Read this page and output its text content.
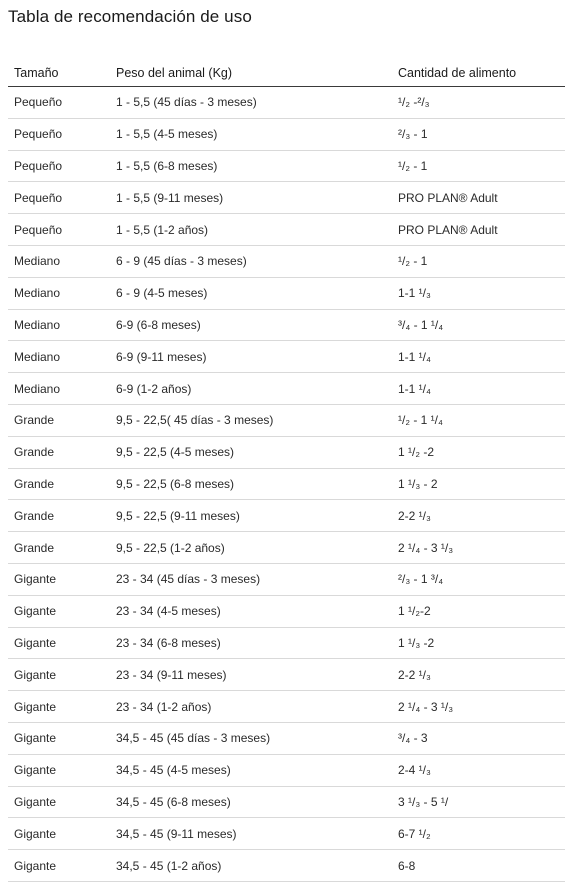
Tabla de recomendación de uso
Tamaño	Peso del animal (Kg)	Cantidad de alimento
Pequeño	1 - 5,5 (45 días - 3 meses)	¹/₂ -²/₃
Pequeño	1 - 5,5 (4-5 meses)	²/₃ - 1
Pequeño	1 - 5,5 (6-8 meses)	¹/₂ - 1
Pequeño	1 - 5,5 (9-11 meses)	PRO PLAN® Adult
Pequeño	1 - 5,5 (1-2 años)	PRO PLAN® Adult
Mediano	6 - 9 (45 días - 3 meses)	¹/₂ - 1
Mediano	6 - 9 (4-5 meses)	1-1 ¹/₃
Mediano	6-9 (6-8 meses)	³/₄ - 1 ¹/₄
Mediano	6-9 (9-11 meses)	1-1 ¹/₄
Mediano	6-9 (1-2 años)	1-1 ¹/₄
Grande	9,5 - 22,5( 45 días - 3 meses)	¹/₂ - 1 ¹/₄
Grande	9,5 - 22,5 (4-5 meses)	1 ¹/₂ -2
Grande	9,5 - 22,5 (6-8 meses)	1 ¹/₃ - 2
Grande	9,5 - 22,5 (9-11 meses)	2-2 ¹/₃
Grande	9,5 - 22,5 (1-2 años)	2 ¹/₄ - 3 ¹/₃
Gigante	23 - 34 (45 días - 3 meses)	²/₃ - 1 ³/₄
Gigante	23 - 34 (4-5 meses)	1 ¹/₂-2
Gigante	23 - 34 (6-8 meses)	1 ¹/₃ -2
Gigante	23 - 34 (9-11 meses)	2-2 ¹/₃
Gigante	23 - 34 (1-2 años)	2 ¹/₄ - 3 ¹/₃
Gigante	34,5 - 45 (45 días - 3 meses)	³/₄ - 3
Gigante	34,5 - 45 (4-5 meses)	2-4 ¹/₃
Gigante	34,5 - 45 (6-8 meses)	3 ¹/₃ - 5 ¹/
Gigante	34,5 - 45 (9-11 meses)	6-7 ¹/₂
Gigante	34,5 - 45 (1-2 años)	6-8
